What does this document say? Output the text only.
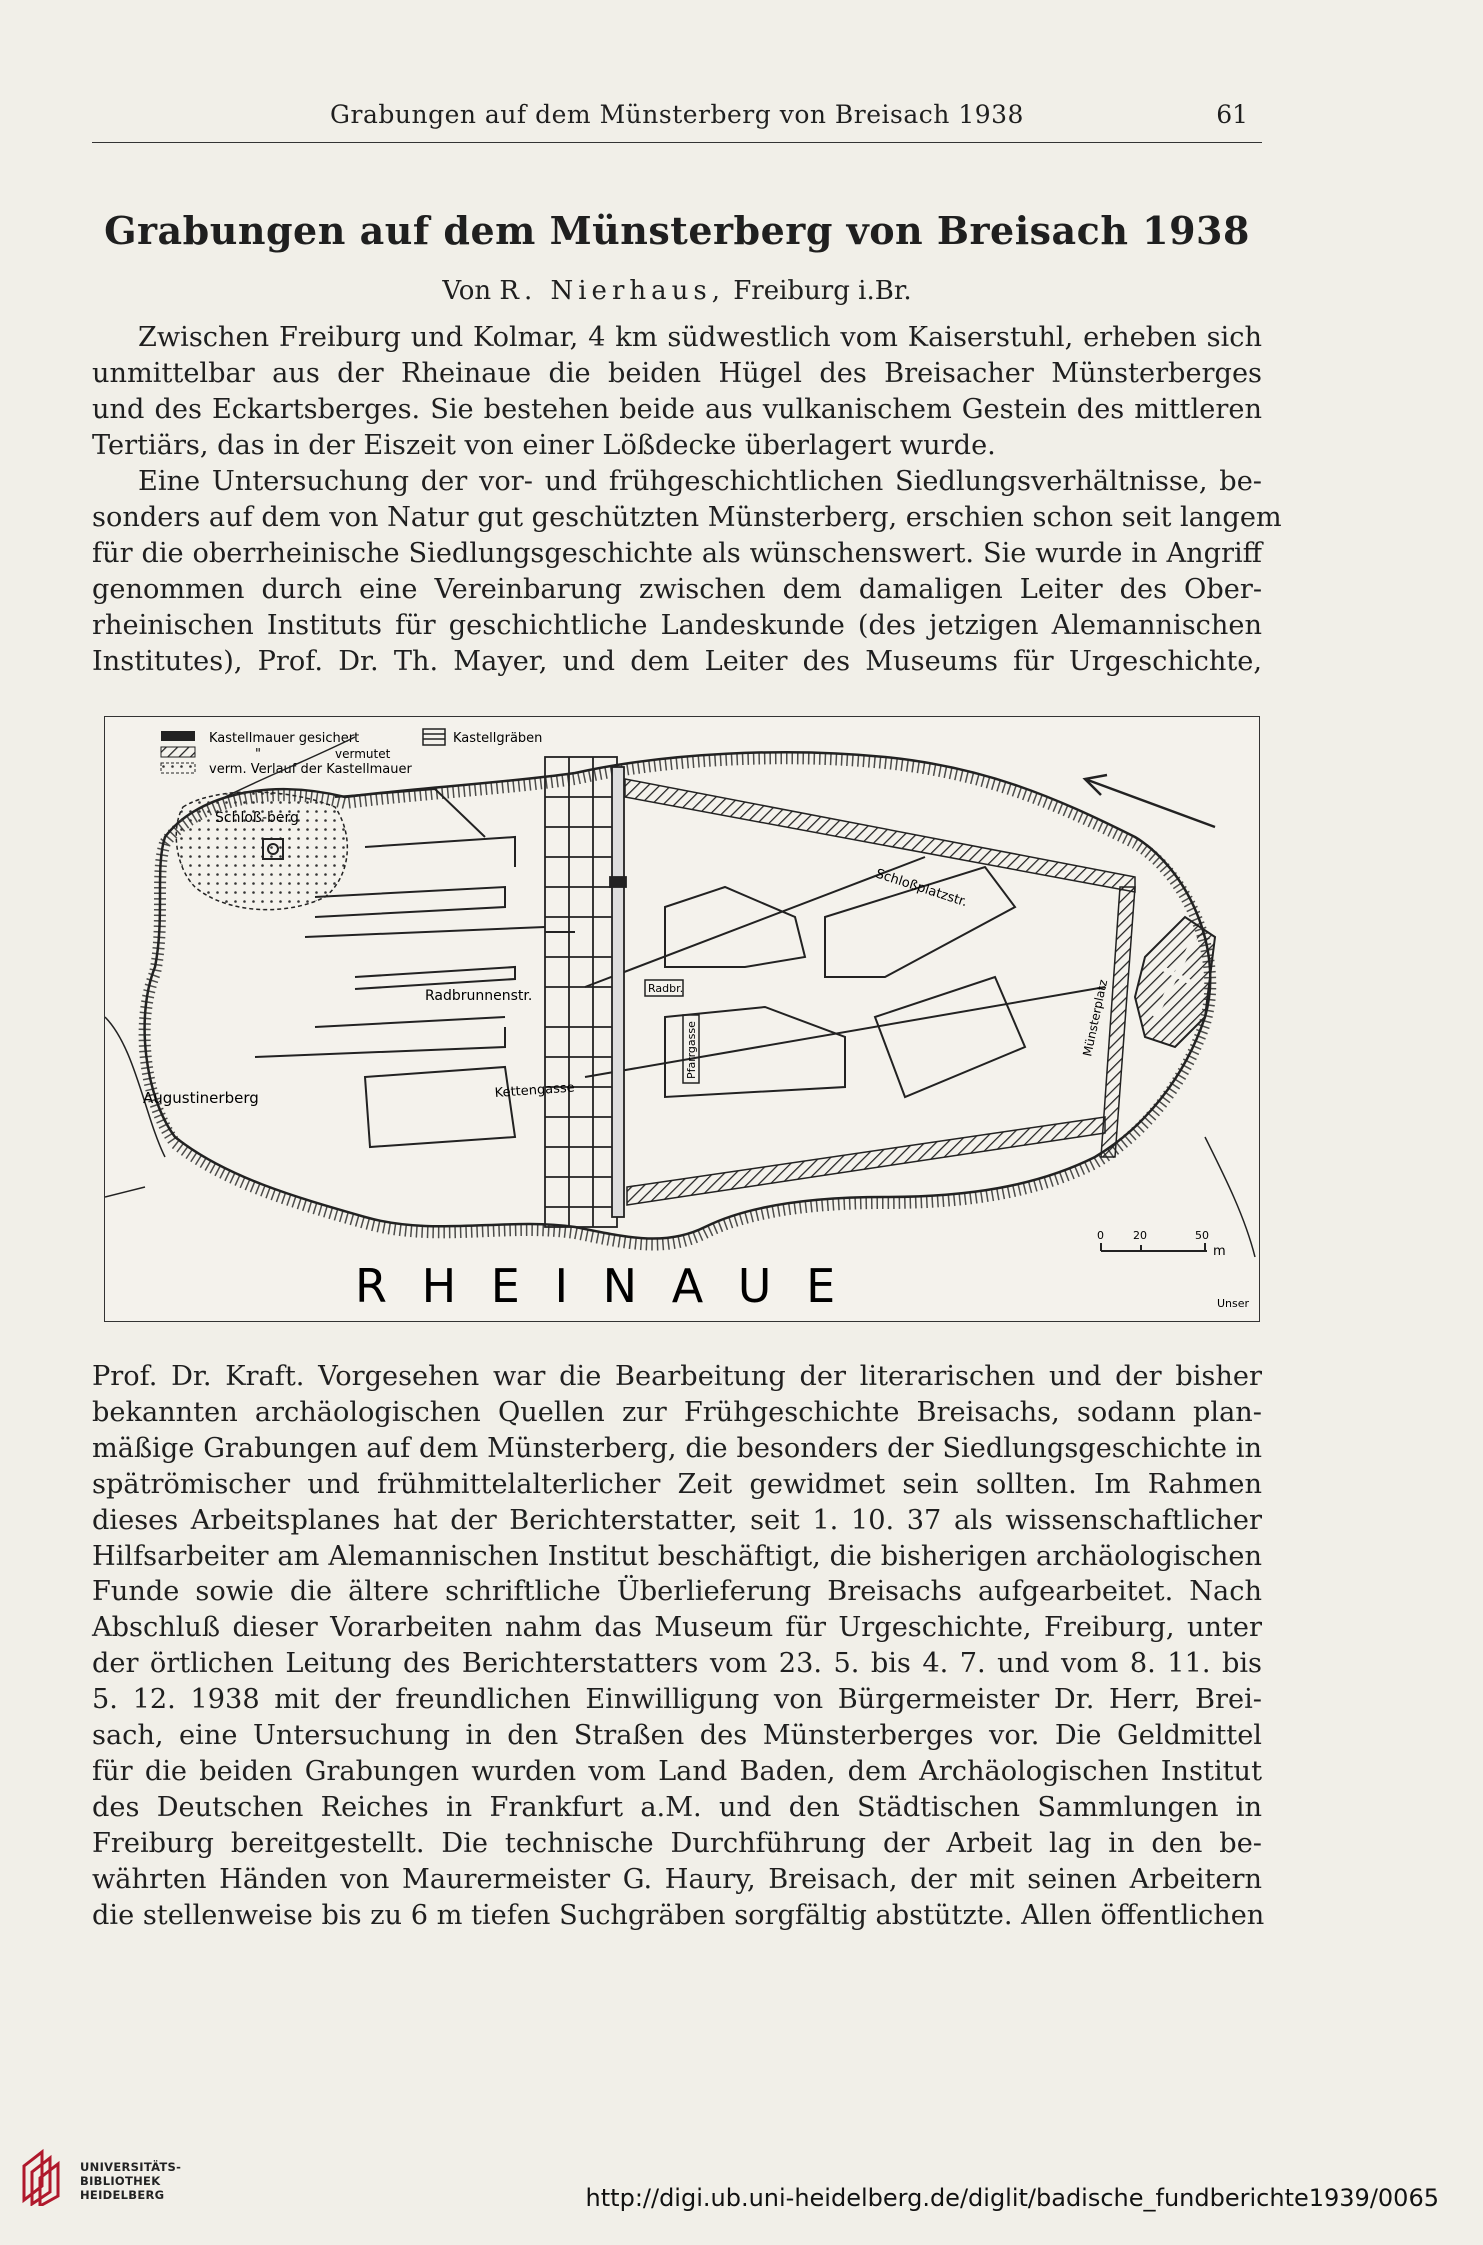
Grabungen auf dem Münsterberg von Breisach 1938	61
Grabungen auf dem Münsterberg von Breisach 1938
Von R. Nierhaus, Freiburg i.Br.
Zwischen Freiburg und Kolmar, 4 km südwestlich vom Kaiserstuhl, erheben sich
unmittelbar aus der Rheinaue die beiden Hügel des Breisacher Münsterberges
und des Eckartsberges. Sie bestehen beide aus vulkanischem Gestein des mittleren
Tertiärs, das in der Eiszeit von einer Lößdecke überlagert wurde.
Eine Untersuchung der vor- und frühgeschichtlichen Siedlungsverhältnisse, be-
sonders auf dem von Natur gut geschützten Münsterberg, erschien schon seit langem
für die oberrheinische Siedlungsgeschichte als wünschenswert. Sie wurde in Angriff
genommen durch eine Vereinbarung zwischen dem damaligen Leiter des Ober-
rheinischen Instituts für geschichtliche Landeskunde (des jetzigen Alemannischen
Institutes), Prof. Dr. Th. Mayer, und dem Leiter des Museums für Urgeschichte,
Kastellmauer gesichert
"	vermutet
verm. Verlauf der Kastellmauer
Kastellgräben
Schloß-berg
Schloßplatzstr.
Radbrunnenstr.	Radbr.
Pfarrgasse
Kettengasse
Münsterplatz
Augustinerberg
R H E I N A U E	Unser
0	20	50
m
Prof. Dr. Kraft. Vorgesehen war die Bearbeitung der literarischen und der bisher
bekannten archäologischen Quellen zur Frühgeschichte Breisachs, sodann plan-
mäßige Grabungen auf dem Münsterberg, die besonders der Siedlungsgeschichte in
spätrömischer und frühmittelalterlicher Zeit gewidmet sein sollten. Im Rahmen
dieses Arbeitsplanes hat der Berichterstatter, seit 1. 10. 37 als wissenschaftlicher
Hilfsarbeiter am Alemannischen Institut beschäftigt, die bisherigen archäologischen
Funde sowie die ältere schriftliche Überlieferung Breisachs aufgearbeitet. Nach
Abschluß dieser Vorarbeiten nahm das Museum für Urgeschichte, Freiburg, unter
der örtlichen Leitung des Berichterstatters vom 23. 5. bis 4. 7. und vom 8. 11. bis
5. 12. 1938 mit der freundlichen Einwilligung von Bürgermeister Dr. Herr, Brei-
sach, eine Untersuchung in den Straßen des Münsterberges vor. Die Geldmittel
für die beiden Grabungen wurden vom Land Baden, dem Archäologischen Institut
des Deutschen Reiches in Frankfurt a.M. und den Städtischen Sammlungen in
Freiburg bereitgestellt. Die technische Durchführung der Arbeit lag in den be-
währten Händen von Maurermeister G. Haury, Breisach, der mit seinen Arbeitern
die stellenweise bis zu 6 m tiefen Suchgräben sorgfältig abstützte. Allen öffentlichen
UNIVERSITÄTS-
BIBLIOTHEK
HEIDELBERG	http://digi.ub.uni-heidelberg.de/diglit/badische_fundberichte1939/0065
